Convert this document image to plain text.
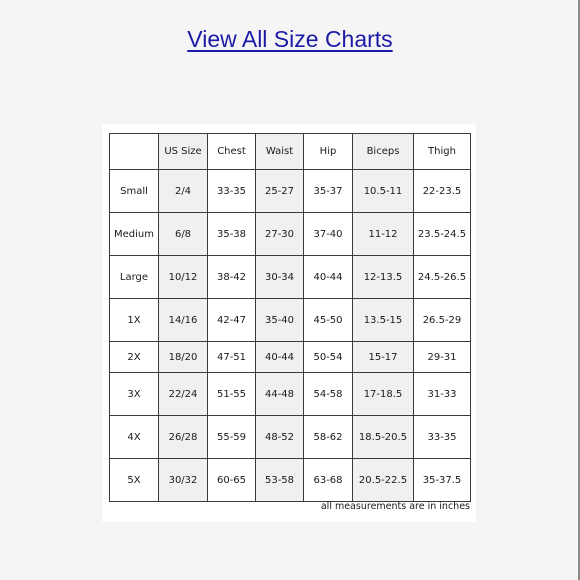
View All Size Charts
	US Size	Chest	Waist	Hip	Biceps	Thigh
Small	2/4	33-35	25-27	35-37	10.5-11	22-23.5
Medium	6/8	35-38	27-30	37-40	11-12	23.5-24.5
Large	10/12	38-42	30-34	40-44	12-13.5	24.5-26.5
1X	14/16	42-47	35-40	45-50	13.5-15	26.5-29
2X	18/20	47-51	40-44	50-54	15-17	29-31
3X	22/24	51-55	44-48	54-58	17-18.5	31-33
4X	26/28	55-59	48-52	58-62	18.5-20.5	33-35
5X	30/32	60-65	53-58	63-68	20.5-22.5	35-37.5
all measurements are in inches
